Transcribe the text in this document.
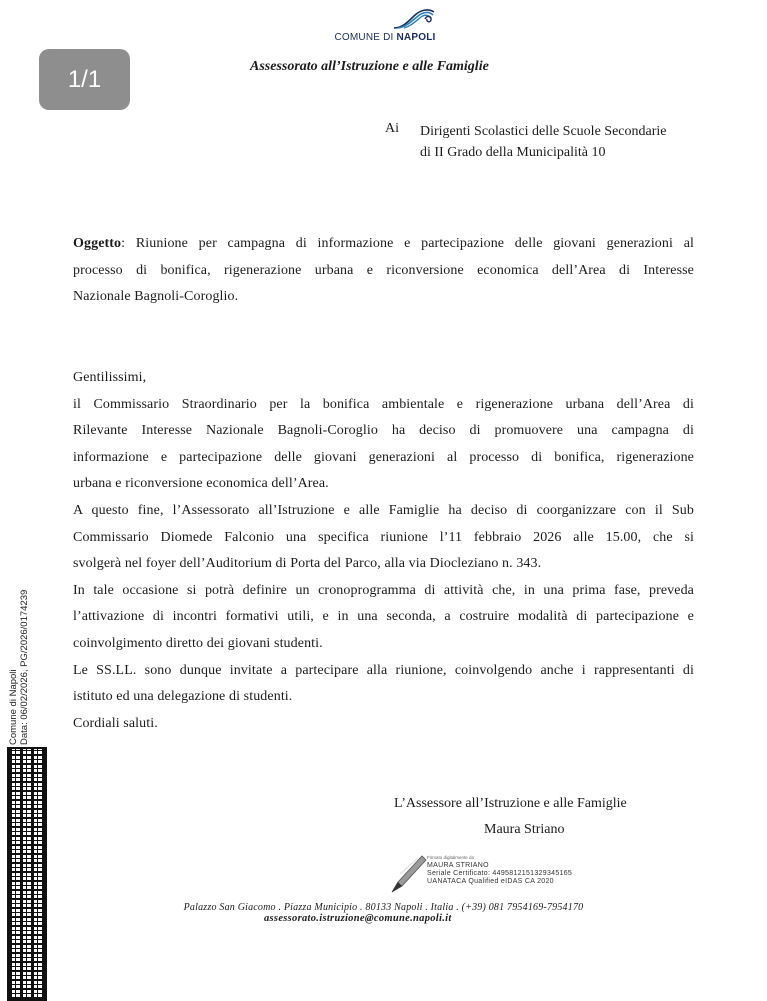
COMUNE DI NAPOLI
1/1	Assessorato all’Istruzione e alle Famiglie
Ai Dirigenti Scolastici delle Scuole Secondarie
di II Grado della Municipalità 10
Oggetto: Riunione per campagna di informazione e partecipazione delle giovani generazioni al
processo di bonifica, rigenerazione urbana e riconversione economica dell’Area di Interesse
Nazionale Bagnoli-Coroglio.
Gentilissimi,
il Commissario Straordinario per la bonifica ambientale e rigenerazione urbana dell’Area di
Rilevante Interesse Nazionale Bagnoli-Coroglio ha deciso di promuovere una campagna di
informazione e partecipazione delle giovani generazioni al processo di bonifica, rigenerazione
urbana e riconversione economica dell’Area.
A questo fine, l’Assessorato all’Istruzione e alle Famiglie ha deciso di coorganizzare con il Sub
Commissario Diomede Falconio una specifica riunione l’11 febbraio 2026 alle 15.00, che si
svolgerà nel foyer dell’Auditorium di Porta del Parco, alla via Diocleziano n. 343.
In tale occasione si potrà definire un cronoprogramma di attività che, in una prima fase, preveda
l’attivazione di incontri formativi utili, e in una seconda, a costruire modalità di partecipazione e
coinvolgimento diretto dei giovani studenti.
Le SS.LL. sono dunque invitate a partecipare alla riunione, coinvolgendo anche i rappresentanti di
istituto ed una delegazione di studenti.
Cordiali saluti.
Comune di Napoli Data: 06/02/2026, PG/2026/0174239
L’Assessore all’Istruzione e alle Famiglie
Maura Striano
Firmato digitalmente da
MAURA STRIANO
Seriale Certificato: 4495812151329345165
UANATACA Qualified eIDAS CA 2020
Palazzo San Giacomo . Piazza Municipio . 80133 Napoli . Italia . (+39) 081 7954169-7954170
assessorato.istruzione@comune.napoli.it
